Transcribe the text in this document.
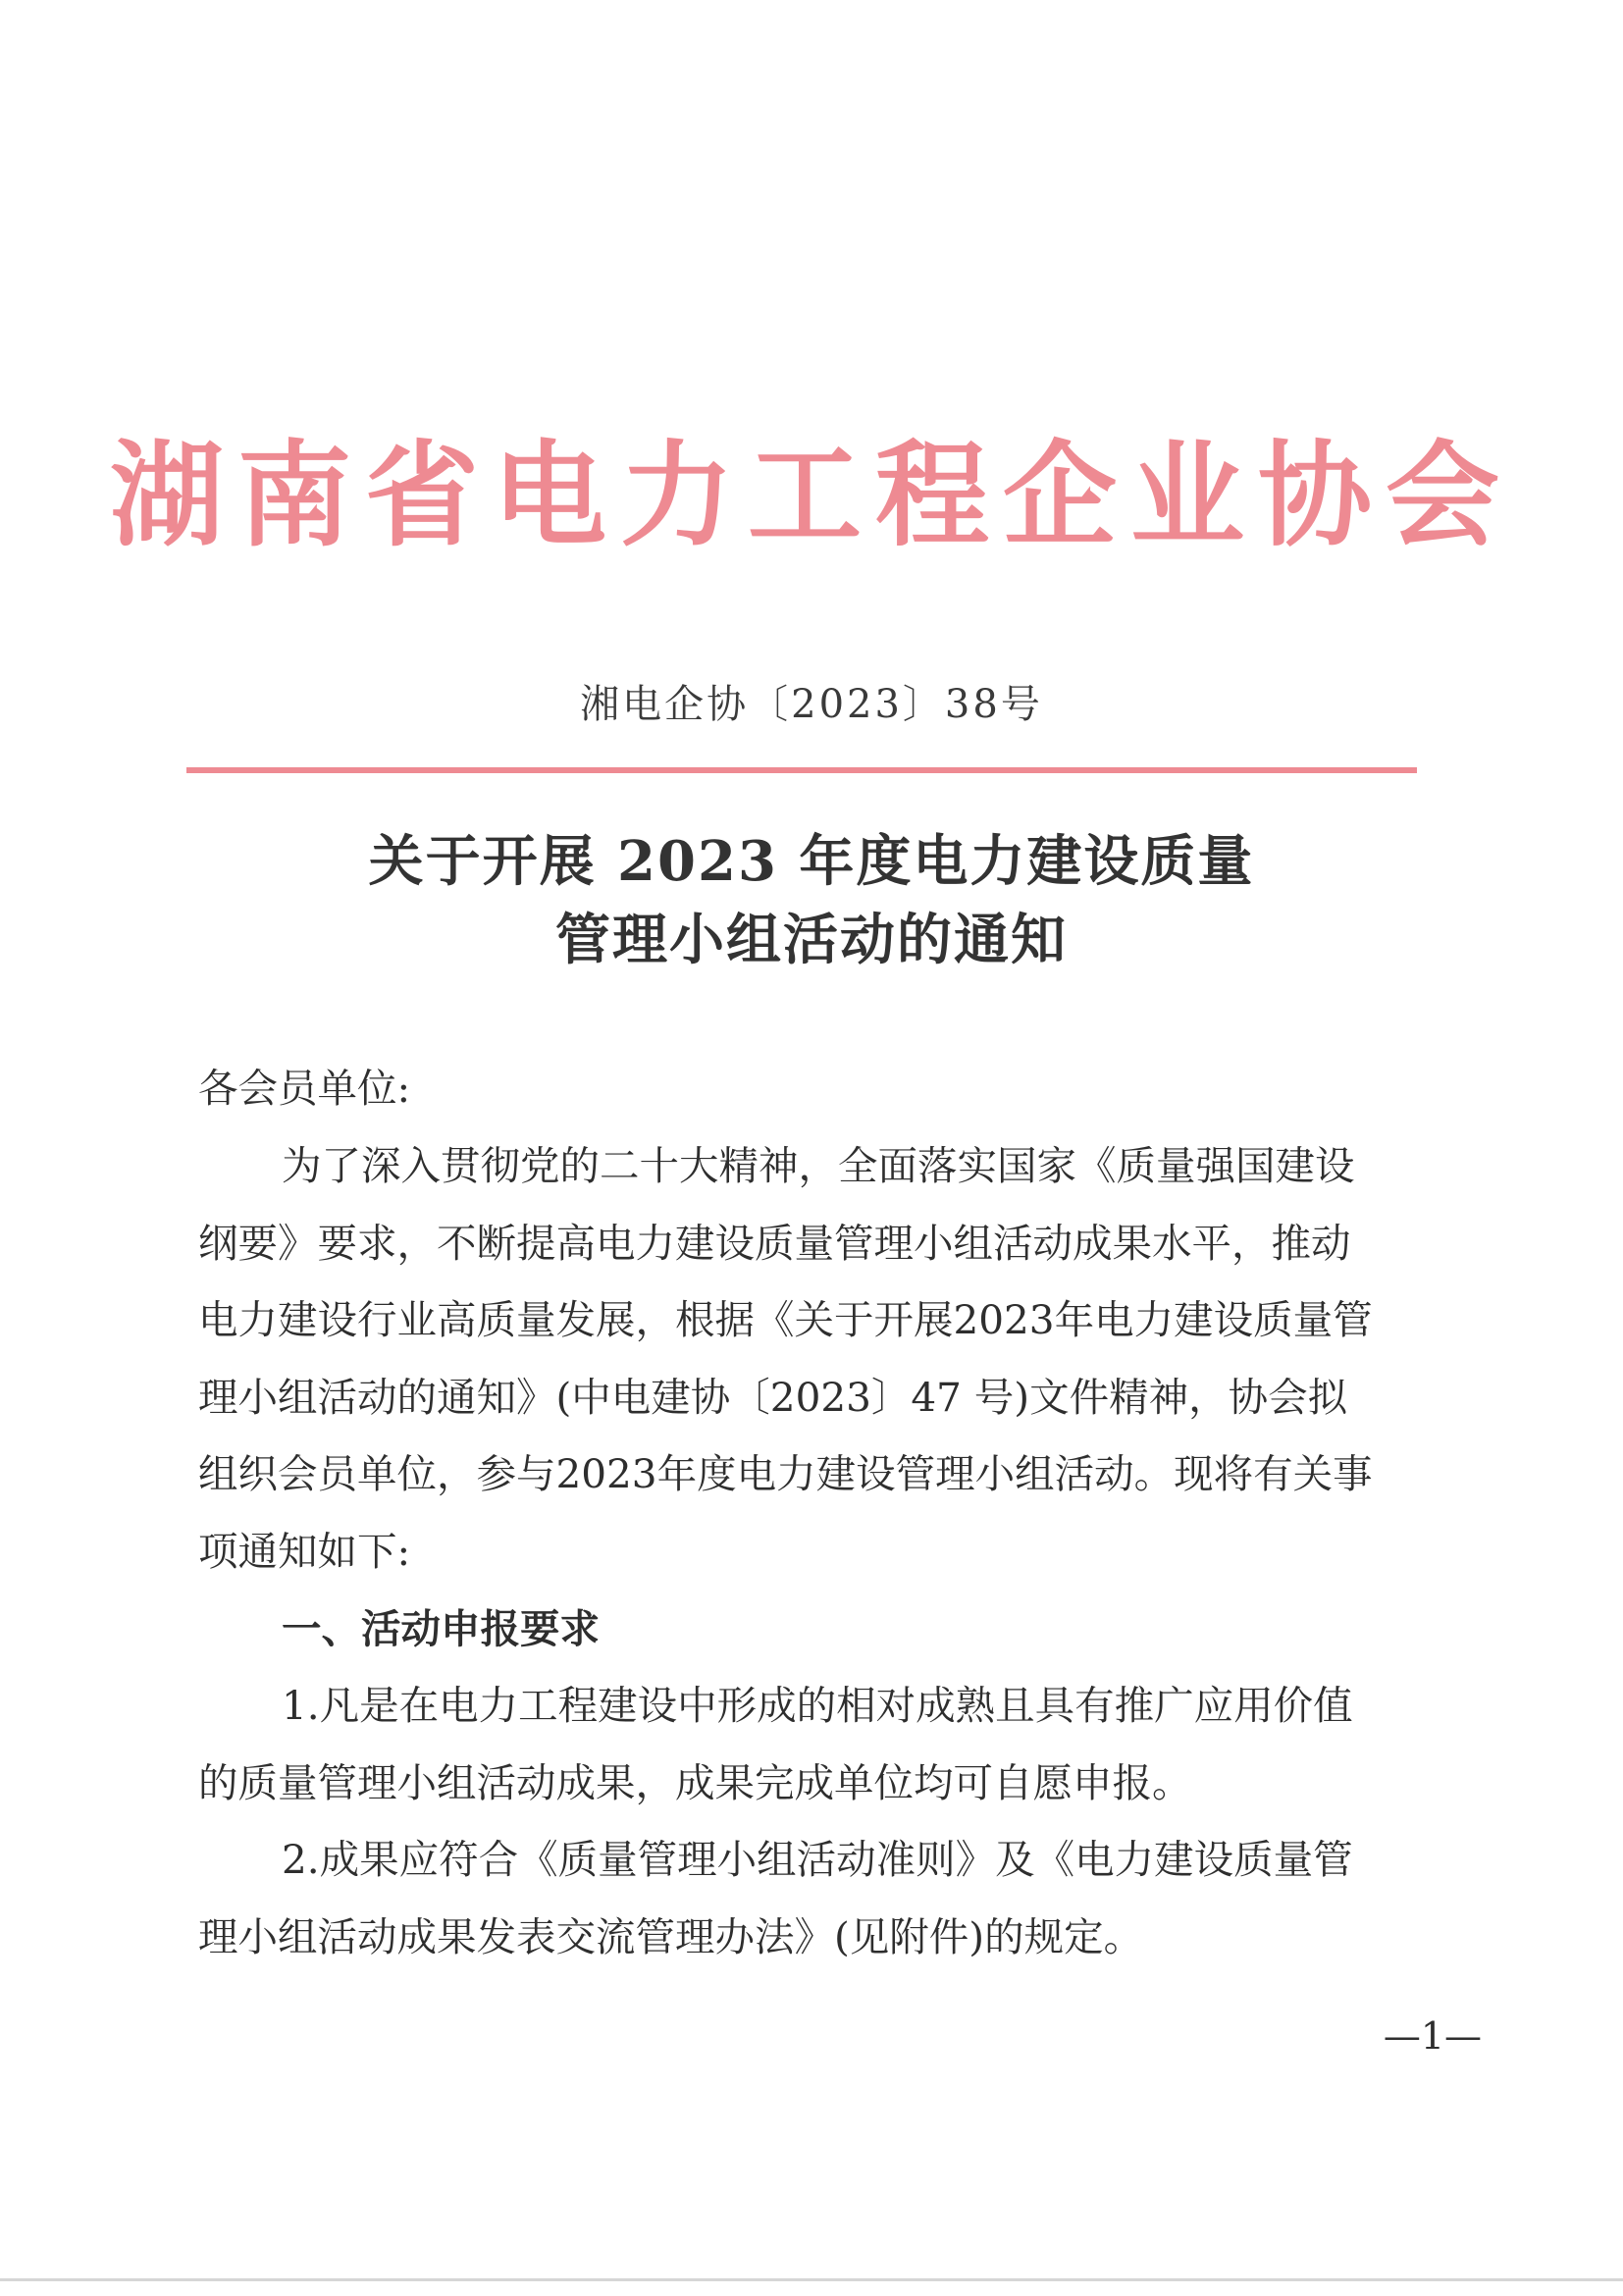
湖南省电力工程企业协会
湘电企协〔2023〕38号
关于开展 2023 年度电力建设质量
管理小组活动的通知
各会员单位:
为了深入贯彻党的二十大精神，全面落实国家《质量强国建设
纲要》要求，不断提高电力建设质量管理小组活动成果水平，推动
电力建设行业高质量发展，根据《关于开展2023年电力建设质量管
理小组活动的通知》(中电建协〔2023〕47 号)文件精神，协会拟
组织会员单位，参与2023年度电力建设管理小组活动。现将有关事
项通知如下:
一、活动申报要求
1.凡是在电力工程建设中形成的相对成熟且具有推广应用价值
的质量管理小组活动成果，成果完成单位均可自愿申报。
2.成果应符合《质量管理小组活动准则》及《电力建设质量管
理小组活动成果发表交流管理办法》(见附件)的规定。
—1—
